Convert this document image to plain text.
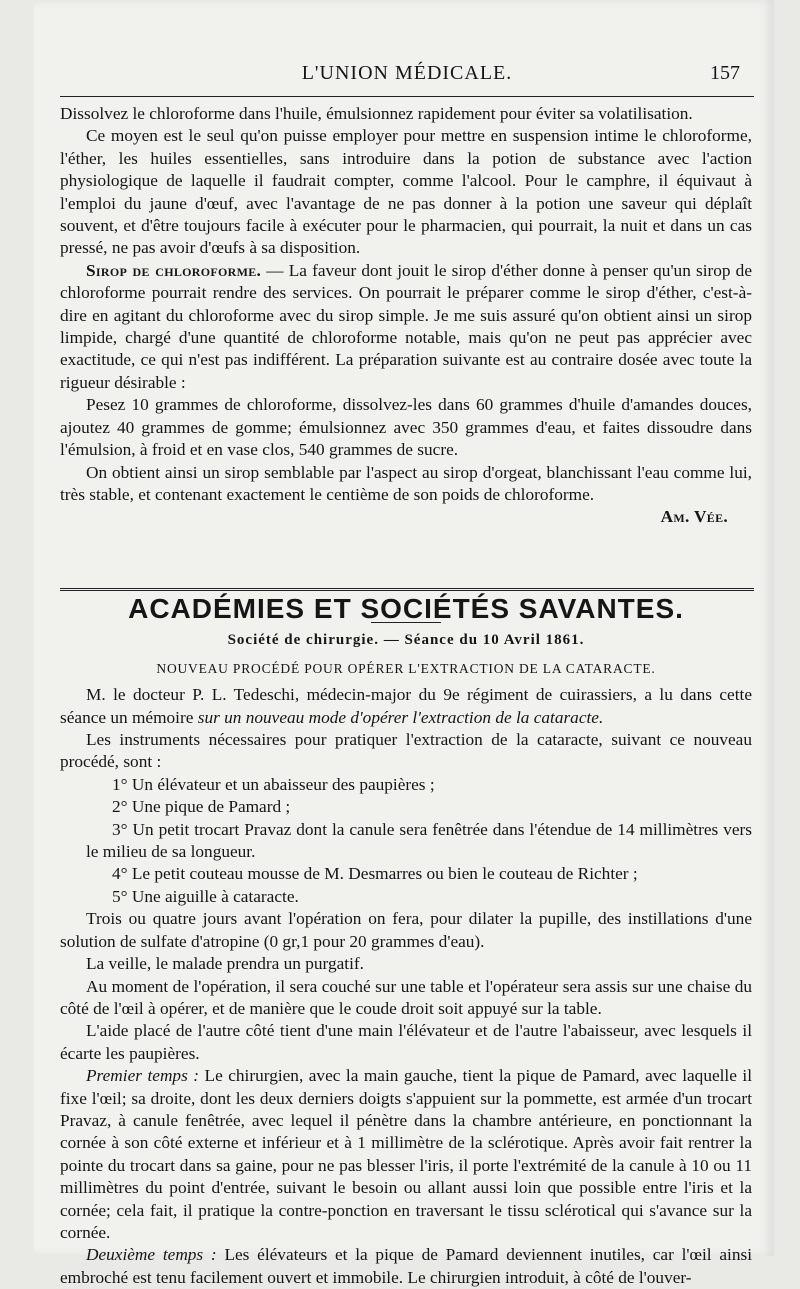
L'UNION MÉDICALE.	157

Dissolvez le chloroforme dans l'huile, émulsionnez rapidement pour éviter sa volatilisation.

Ce moyen est le seul qu'on puisse employer pour mettre en suspension intime le chloroforme, l'éther, les huiles essentielles, sans introduire dans la potion de substance avec l'action physiologique de laquelle il faudrait compter, comme l'alcool. Pour le camphre, il équivaut à l'emploi du jaune d'œuf, avec l'avantage de ne pas donner à la potion une saveur qui déplaît souvent, et d'être toujours facile à exécuter pour le pharmacien, qui pourrait, la nuit et dans un cas pressé, ne pas avoir d'œufs à sa disposition.

Sirop de chloroforme. — La faveur dont jouit le sirop d'éther donne à penser qu'un sirop de chloroforme pourrait rendre des services. On pourrait le préparer comme le sirop d'éther, c'est-à-dire en agitant du chloroforme avec du sirop simple. Je me suis assuré qu'on obtient ainsi un sirop limpide, chargé d'une quantité de chloroforme notable, mais qu'on ne peut pas apprécier avec exactitude, ce qui n'est pas indifférent. La préparation suivante est au contraire dosée avec toute la rigueur désirable :

Pesez 10 grammes de chloroforme, dissolvez-les dans 60 grammes d'huile d'amandes douces, ajoutez 40 grammes de gomme; émulsionnez avec 350 grammes d'eau, et faites dissoudre dans l'émulsion, à froid et en vase clos, 540 grammes de sucre.

On obtient ainsi un sirop semblable par l'aspect au sirop d'orgeat, blanchissant l'eau comme lui, très stable, et contenant exactement le centième de son poids de chloroforme.

Am. Vée.
ACADÉMIES ET SOCIÉTÉS SAVANTES.
Société de chirurgie. — Séance du 10 Avril 1861.
NOUVEAU PROCÉDÉ POUR OPÉRER L'EXTRACTION DE LA CATARACTE.

M. le docteur P. L. Tedeschi, médecin-major du 9e régiment de cuirassiers, a lu dans cette séance un mémoire sur un nouveau mode d'opérer l'extraction de la cataracte.

Les instruments nécessaires pour pratiquer l'extraction de la cataracte, suivant ce nouveau procédé, sont :

1° Un élévateur et un abaisseur des paupières ;

2° Une pique de Pamard ;

3° Un petit trocart Pravaz dont la canule sera fenêtrée dans l'étendue de 14 millimètres vers le milieu de sa longueur.

4° Le petit couteau mousse de M. Desmarres ou bien le couteau de Richter ;

5° Une aiguille à cataracte.

Trois ou quatre jours avant l'opération on fera, pour dilater la pupille, des instillations d'une solution de sulfate d'atropine (0 gr,1 pour 20 grammes d'eau).

La veille, le malade prendra un purgatif.

Au moment de l'opération, il sera couché sur une table et l'opérateur sera assis sur une chaise du côté de l'œil à opérer, et de manière que le coude droit soit appuyé sur la table.

L'aide placé de l'autre côté tient d'une main l'élévateur et de l'autre l'abaisseur, avec lesquels il écarte les paupières.

Premier temps : Le chirurgien, avec la main gauche, tient la pique de Pamard, avec laquelle il fixe l'œil; sa droite, dont les deux derniers doigts s'appuient sur la pommette, est armée d'un trocart Pravaz, à canule fenêtrée, avec lequel il pénètre dans la chambre antérieure, en ponctionnant la cornée à son côté externe et inférieur et à 1 millimètre de la sclérotique. Après avoir fait rentrer la pointe du trocart dans sa gaine, pour ne pas blesser l'iris, il porte l'extrémité de la canule à 10 ou 11 millimètres du point d'entrée, suivant le besoin ou allant aussi loin que possible entre l'iris et la cornée; cela fait, il pratique la contre-ponction en traversant le tissu sclérotical qui s'avance sur la cornée.

Deuxième temps : Les élévateurs et la pique de Pamard deviennent inutiles, car l'œil ainsi embroché est tenu facilement ouvert et immobile. Le chirurgien introduit, à côté de l'ouver-
